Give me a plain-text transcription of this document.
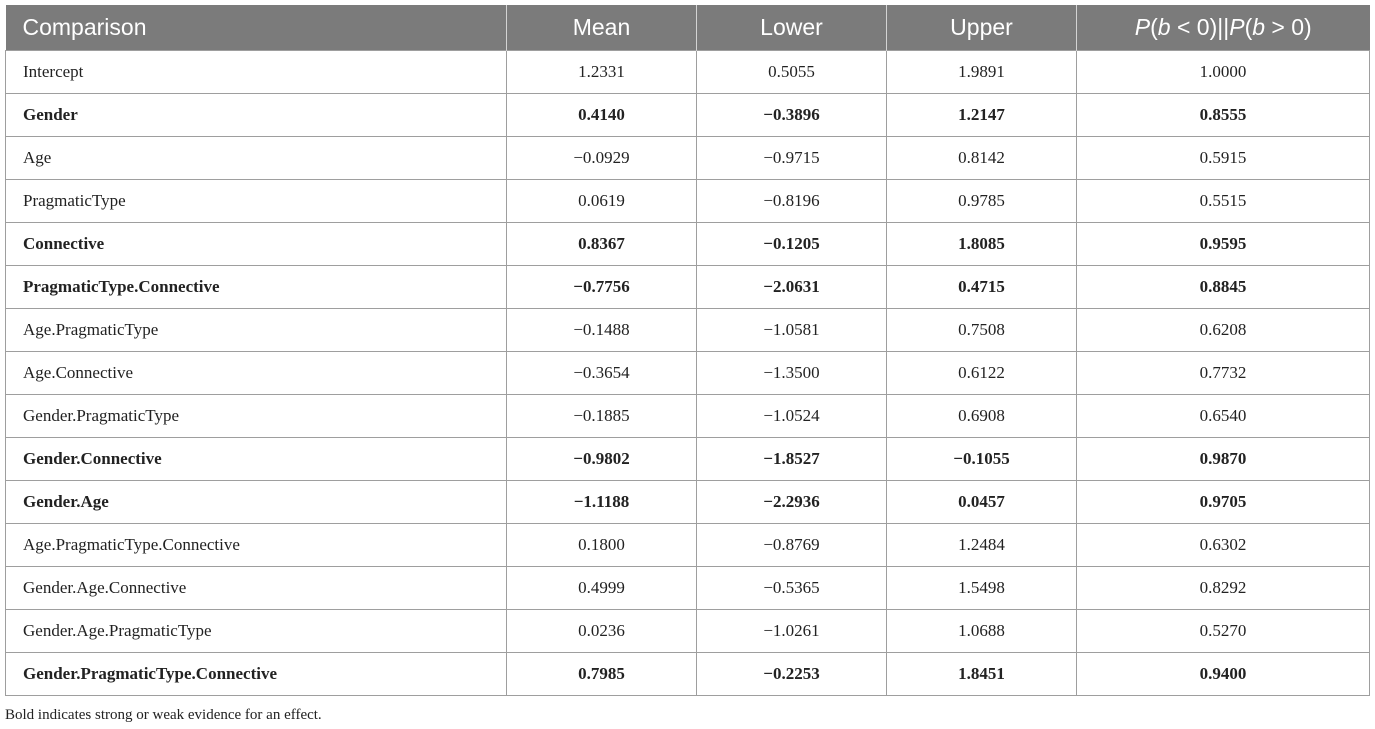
Comparison	Mean	Lower	Upper	P(b < 0)||P(b > 0)
Intercept	1.2331	0.5055	1.9891	1.0000
Gender	0.4140	−0.3896	1.2147	0.8555
Age	−0.0929	−0.9715	0.8142	0.5915
PragmaticType	0.0619	−0.8196	0.9785	0.5515
Connective	0.8367	−0.1205	1.8085	0.9595
PragmaticType.Connective	−0.7756	−2.0631	0.4715	0.8845
Age.PragmaticType	−0.1488	−1.0581	0.7508	0.6208
Age.Connective	−0.3654	−1.3500	0.6122	0.7732
Gender.PragmaticType	−0.1885	−1.0524	0.6908	0.6540
Gender.Connective	−0.9802	−1.8527	−0.1055	0.9870
Gender.Age	−1.1188	−2.2936	0.0457	0.9705
Age.PragmaticType.Connective	0.1800	−0.8769	1.2484	0.6302
Gender.Age.Connective	0.4999	−0.5365	1.5498	0.8292
Gender.Age.PragmaticType	0.0236	−1.0261	1.0688	0.5270
Gender.PragmaticType.Connective	0.7985	−0.2253	1.8451	0.9400

Bold indicates strong or weak evidence for an effect.
